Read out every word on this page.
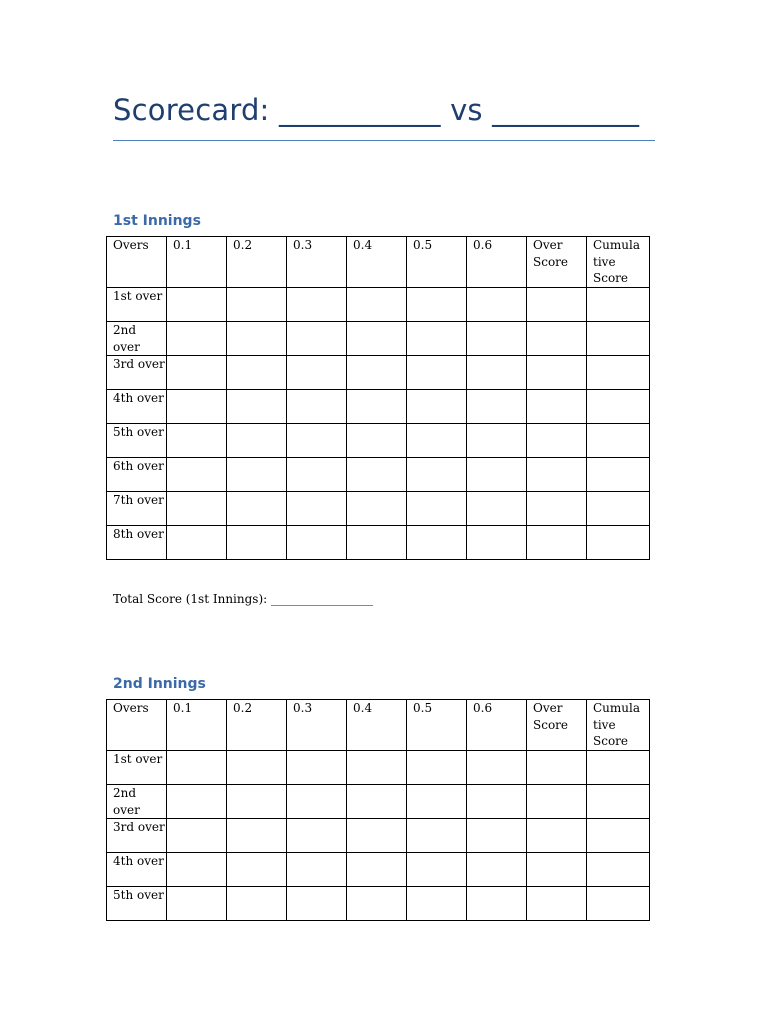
Scorecard: ___________ vs __________
1st Innings
Overs	0.1	0.2	0.3	0.4	0.5	0.6	Over Score	Cumula tive Score
1st over								
2nd over								
3rd over								
4th over								
5th over								
6th over								
7th over								
8th over								
Total Score (1st Innings): _________________
2nd Innings
Overs	0.1	0.2	0.3	0.4	0.5	0.6	Over Score	Cumula tive Score
1st over								
2nd over								
3rd over								
4th over								
5th over								
